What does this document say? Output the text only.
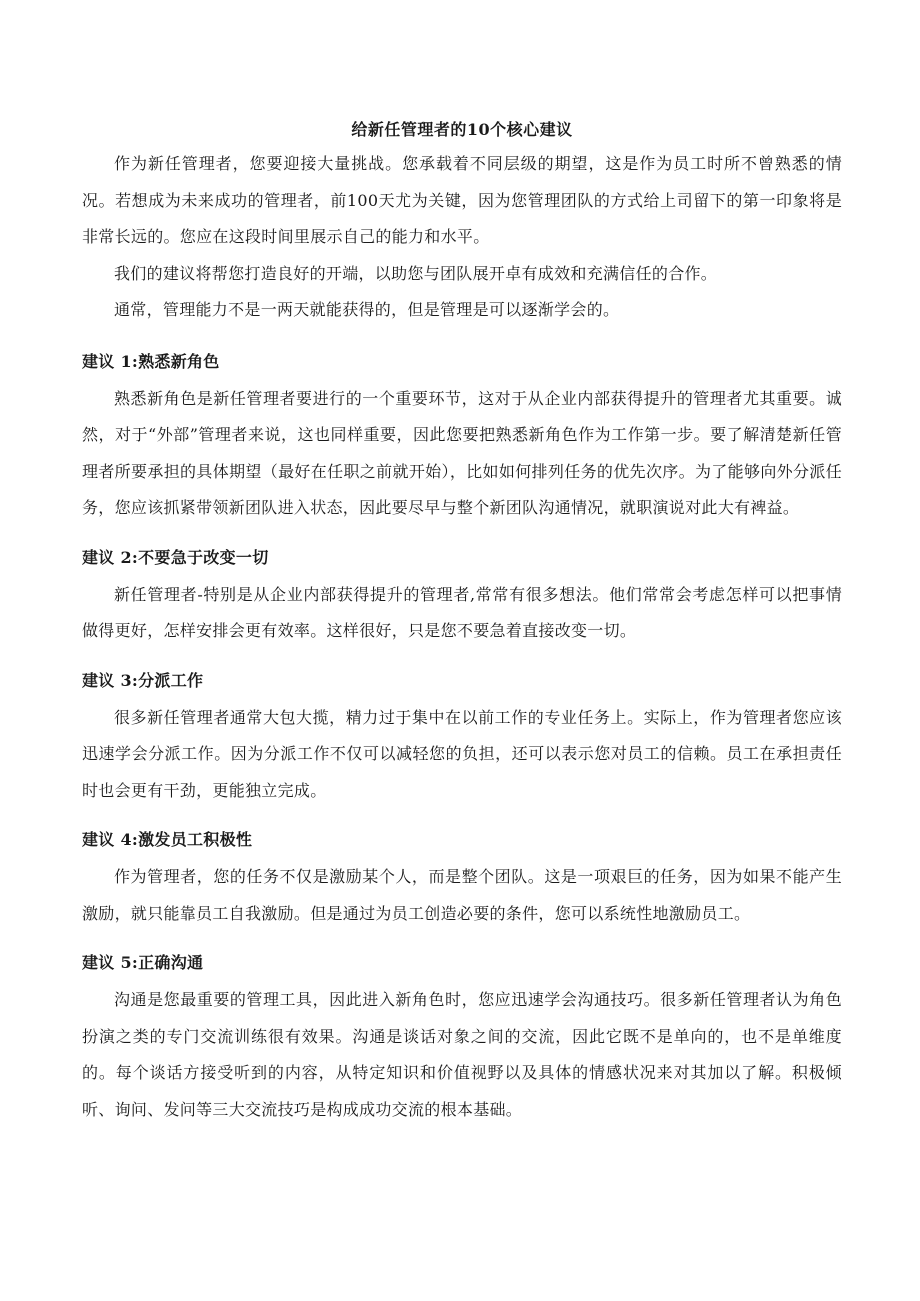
给新任管理者的10个核心建议

作为新任管理者，您要迎接大量挑战。您承载着不同层级的期望，这是作为员工时所不曾熟悉的情况。若想成为未来成功的管理者，前100天尤为关键，因为您管理团队的方式给上司留下的第一印象将是非常长远的。您应在这段时间里展示自己的能力和水平。

我们的建议将帮您打造良好的开端，以助您与团队展开卓有成效和充满信任的合作。

通常，管理能力不是一两天就能获得的，但是管理是可以逐渐学会的。

建议 1:熟悉新角色

熟悉新角色是新任管理者要进行的一个重要环节，这对于从企业内部获得提升的管理者尤其重要。诚然，对于“外部”管理者来说，这也同样重要，因此您要把熟悉新角色作为工作第一步。要了解清楚新任管理者所要承担的具体期望（最好在任职之前就开始），比如如何排列任务的优先次序。为了能够向外分派任务，您应该抓紧带领新团队进入状态，因此要尽早与整个新团队沟通情况，就职演说对此大有裨益。

建议 2:不要急于改变一切

新任管理者-特别是从企业内部获得提升的管理者,常常有很多想法。他们常常会考虑怎样可以把事情做得更好，怎样安排会更有效率。这样很好，只是您不要急着直接改变一切。

建议 3:分派工作

很多新任管理者通常大包大揽，精力过于集中在以前工作的专业任务上。实际上，作为管理者您应该迅速学会分派工作。因为分派工作不仅可以减轻您的负担，还可以表示您对员工的信赖。员工在承担责任时也会更有干劲，更能独立完成。

建议 4:激发员工积极性

作为管理者，您的任务不仅是激励某个人，而是整个团队。这是一项艰巨的任务，因为如果不能产生激励，就只能靠员工自我激励。但是通过为员工创造必要的条件，您可以系统性地激励员工。

建议 5:正确沟通

沟通是您最重要的管理工具，因此进入新角色时，您应迅速学会沟通技巧。很多新任管理者认为角色扮演之类的专门交流训练很有效果。沟通是谈话对象之间的交流，因此它既不是单向的，也不是单维度的。每个谈话方接受听到的内容，从特定知识和价值视野以及具体的情感状况来对其加以了解。积极倾听、询问、发问等三大交流技巧是构成成功交流的根本基础。
